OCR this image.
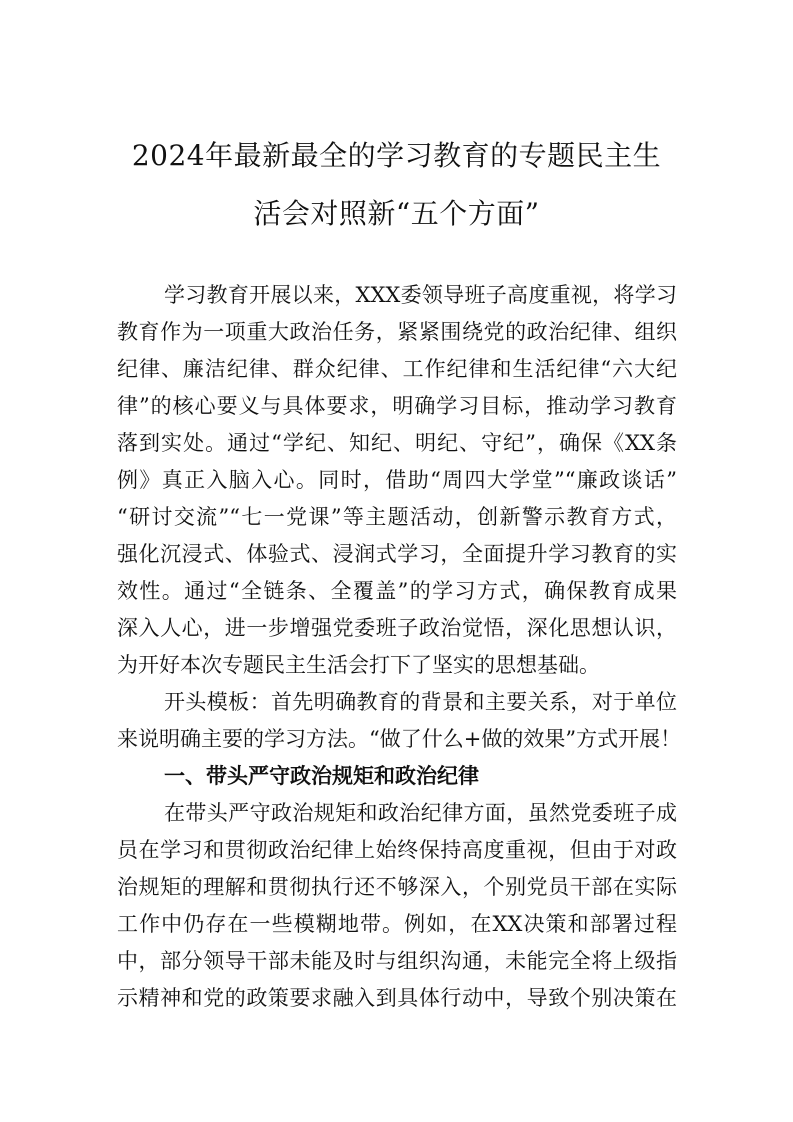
2024年最新最全的学习教育的专题民主生
活会对照新“五个方面”
学习教育开展以来，XXX委领导班子高度重视，将学习
教育作为一项重大政治任务，紧紧围绕党的政治纪律、组织
纪律、廉洁纪律、群众纪律、工作纪律和生活纪律“六大纪
律”的核心要义与具体要求，明确学习目标，推动学习教育
落到实处。通过“学纪、知纪、明纪、守纪”，确保《XX条
例》真正入脑入心。同时，借助“周四大学堂”“廉政谈话”
“研讨交流”“七一党课”等主题活动，创新警示教育方式，
强化沉浸式、体验式、浸润式学习，全面提升学习教育的实
效性。通过“全链条、全覆盖”的学习方式，确保教育成果
深入人心，进一步增强党委班子政治觉悟，深化思想认识，
为开好本次专题民主生活会打下了坚实的思想基础。
开头模板：首先明确教育的背景和主要关系，对于单位
来说明确主要的学习方法。“做了什么+做的效果”方式开展！
一、带头严守政治规矩和政治纪律
在带头严守政治规矩和政治纪律方面，虽然党委班子成
员在学习和贯彻政治纪律上始终保持高度重视，但由于对政
治规矩的理解和贯彻执行还不够深入，个别党员干部在实际
工作中仍存在一些模糊地带。例如，在XX决策和部署过程
中，部分领导干部未能及时与组织沟通，未能完全将上级指
示精神和党的政策要求融入到具体行动中，导致个别决策在
